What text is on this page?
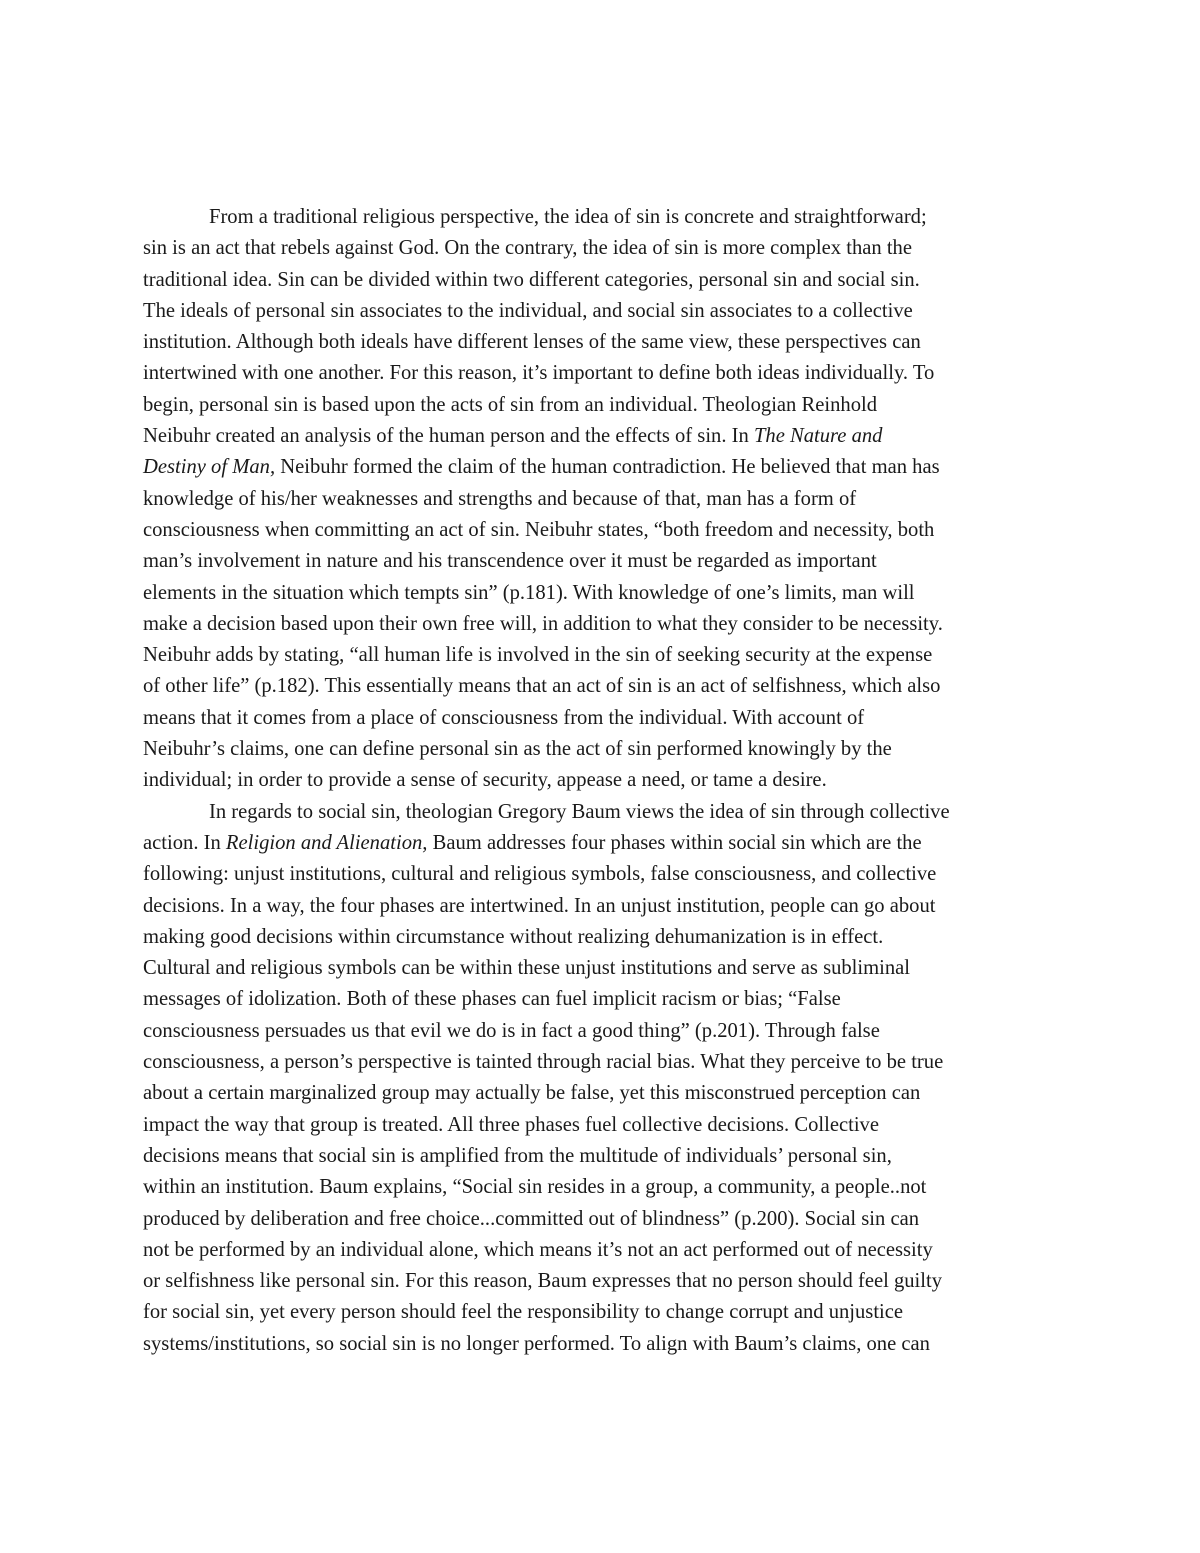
From a traditional religious perspective, the idea of sin is concrete and straightforward;
sin is an act that rebels against God. On the contrary, the idea of sin is more complex than the
traditional idea. Sin can be divided within two different categories, personal sin and social sin.
The ideals of personal sin associates to the individual, and social sin associates to a collective
institution. Although both ideals have different lenses of the same view, these perspectives can
intertwined with one another. For this reason, it’s important to define both ideas individually. To
begin, personal sin is based upon the acts of sin from an individual. Theologian Reinhold
Neibuhr created an analysis of the human person and the effects of sin. In The Nature and
Destiny of Man, Neibuhr formed the claim of the human contradiction. He believed that man has
knowledge of his/her weaknesses and strengths and because of that, man has a form of
consciousness when committing an act of sin. Neibuhr states, “both freedom and necessity, both
man’s involvement in nature and his transcendence over it must be regarded as important
elements in the situation which tempts sin” (p.181). With knowledge of one’s limits, man will
make a decision based upon their own free will, in addition to what they consider to be necessity.
Neibuhr adds by stating, “all human life is involved in the sin of seeking security at the expense
of other life” (p.182). This essentially means that an act of sin is an act of selfishness, which also
means that it comes from a place of consciousness from the individual. With account of
Neibuhr’s claims, one can define personal sin as the act of sin performed knowingly by the
individual; in order to provide a sense of security, appease a need, or tame a desire.
In regards to social sin, theologian Gregory Baum views the idea of sin through collective
action. In Religion and Alienation, Baum addresses four phases within social sin which are the
following: unjust institutions, cultural and religious symbols, false consciousness, and collective
decisions. In a way, the four phases are intertwined. In an unjust institution, people can go about
making good decisions within circumstance without realizing dehumanization is in effect.
Cultural and religious symbols can be within these unjust institutions and serve as subliminal
messages of idolization. Both of these phases can fuel implicit racism or bias; “False
consciousness persuades us that evil we do is in fact a good thing” (p.201). Through false
consciousness, a person’s perspective is tainted through racial bias. What they perceive to be true
about a certain marginalized group may actually be false, yet this misconstrued perception can
impact the way that group is treated. All three phases fuel collective decisions. Collective
decisions means that social sin is amplified from the multitude of individuals’ personal sin,
within an institution. Baum explains, “Social sin resides in a group, a community, a people..not
produced by deliberation and free choice...committed out of blindness” (p.200). Social sin can
not be performed by an individual alone, which means it’s not an act performed out of necessity
or selfishness like personal sin. For this reason, Baum expresses that no person should feel guilty
for social sin, yet every person should feel the responsibility to change corrupt and unjustice
systems/institutions, so social sin is no longer performed. To align with Baum’s claims, one can
